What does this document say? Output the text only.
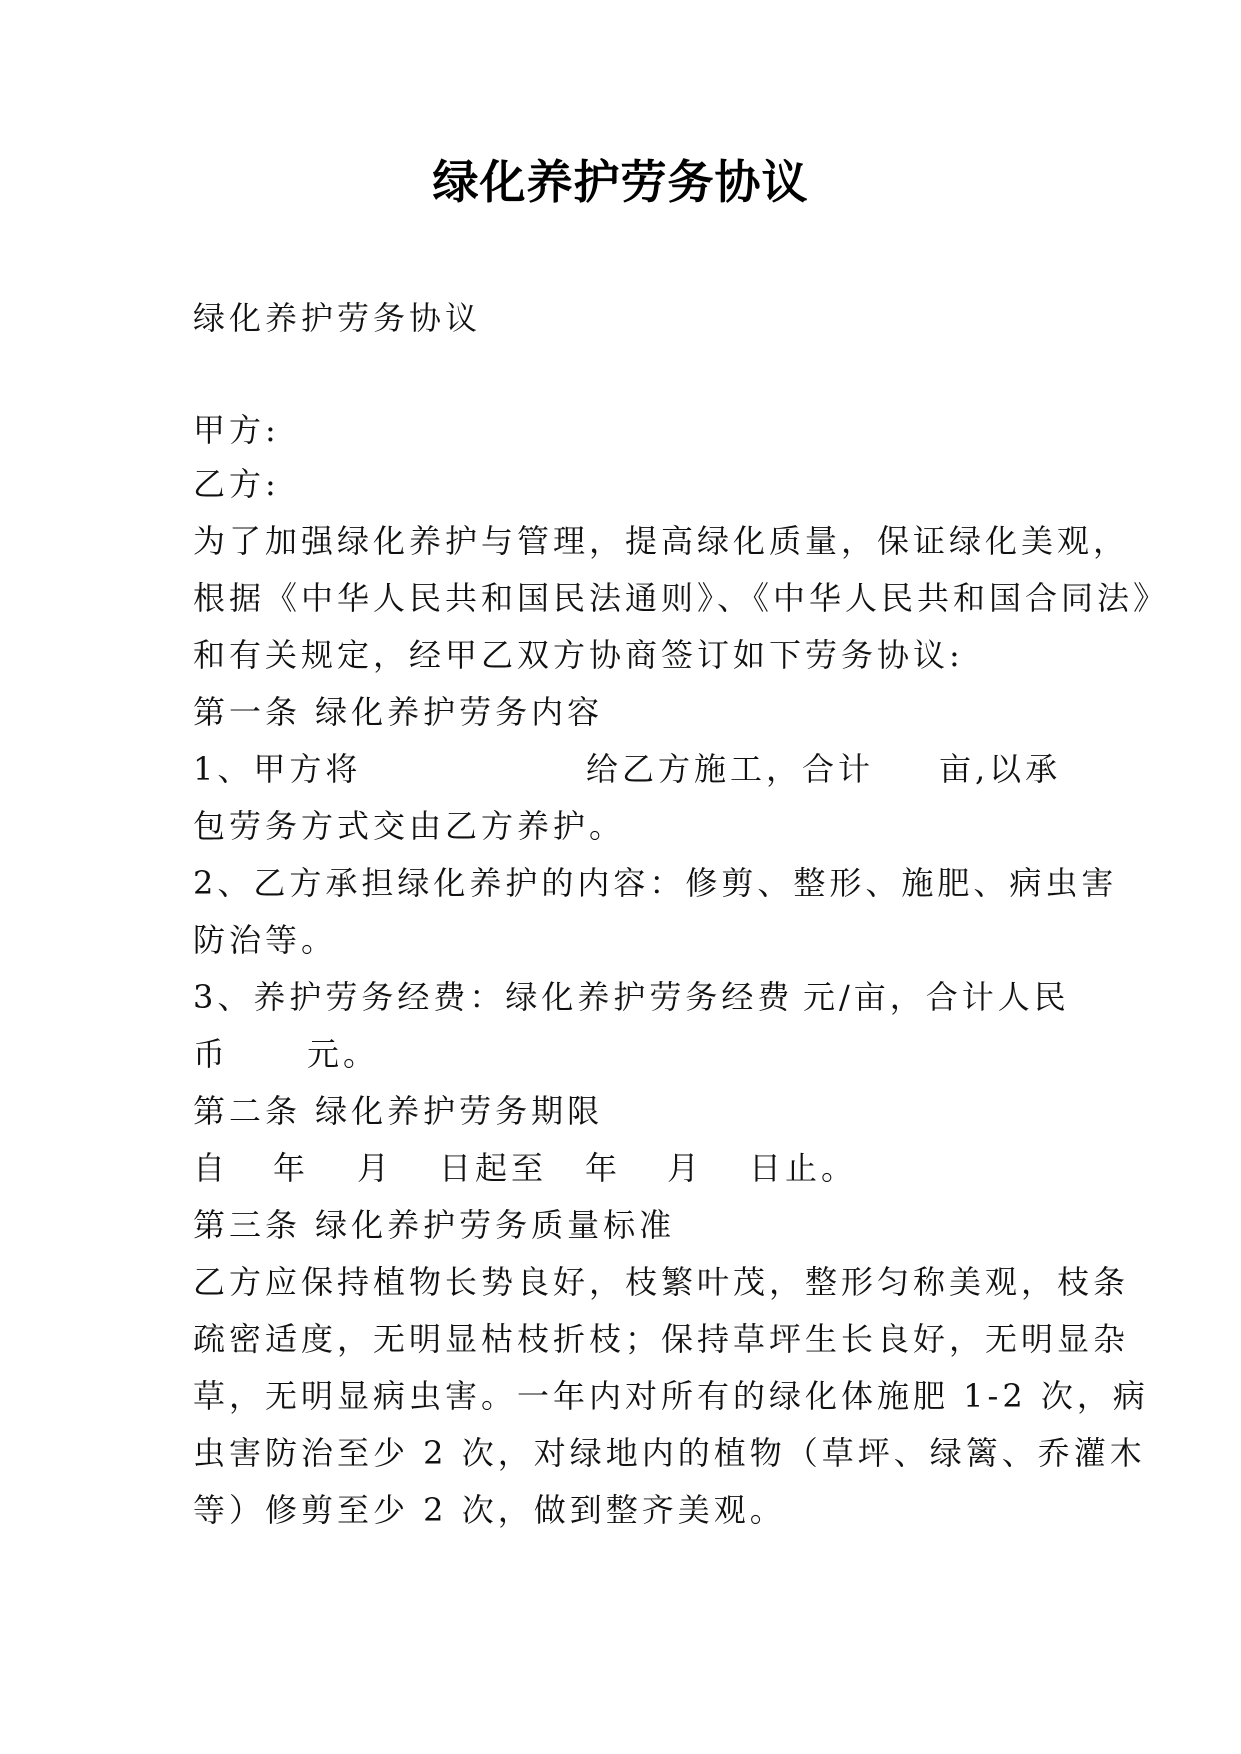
绿化养护劳务协议
绿化养护劳务协议
甲方:
乙方:
为了加强绿化养护与管理，提高绿化质量，保证绿化美观，
根据《中华人民共和国民法通则》、《中华人民共和国合同法》
和有关规定，经甲乙双方协商签订如下劳务协议:
第一条 绿化养护劳务内容
1、甲方将	给乙方施工，合计 亩,以承
包劳务方式交由乙方养护。
2、乙方承担绿化养护的内容：修剪、整形、施肥、病虫害
防治等。
3、养护劳务经费：绿化养护劳务经费 元/亩，合计人民
币 元。
第二条 绿化养护劳务期限
自 年 月 日起至 年 月 日止。
第三条 绿化养护劳务质量标准
乙方应保持植物长势良好，枝繁叶茂，整形匀称美观，枝条
疏密适度，无明显枯枝折枝；保持草坪生长良好，无明显杂
草，无明显病虫害。一年内对所有的绿化体施肥 1-2 次，病
虫害防治至少 2 次，对绿地内的植物（草坪、绿篱、乔灌木
等）修剪至少 2 次，做到整齐美观。
